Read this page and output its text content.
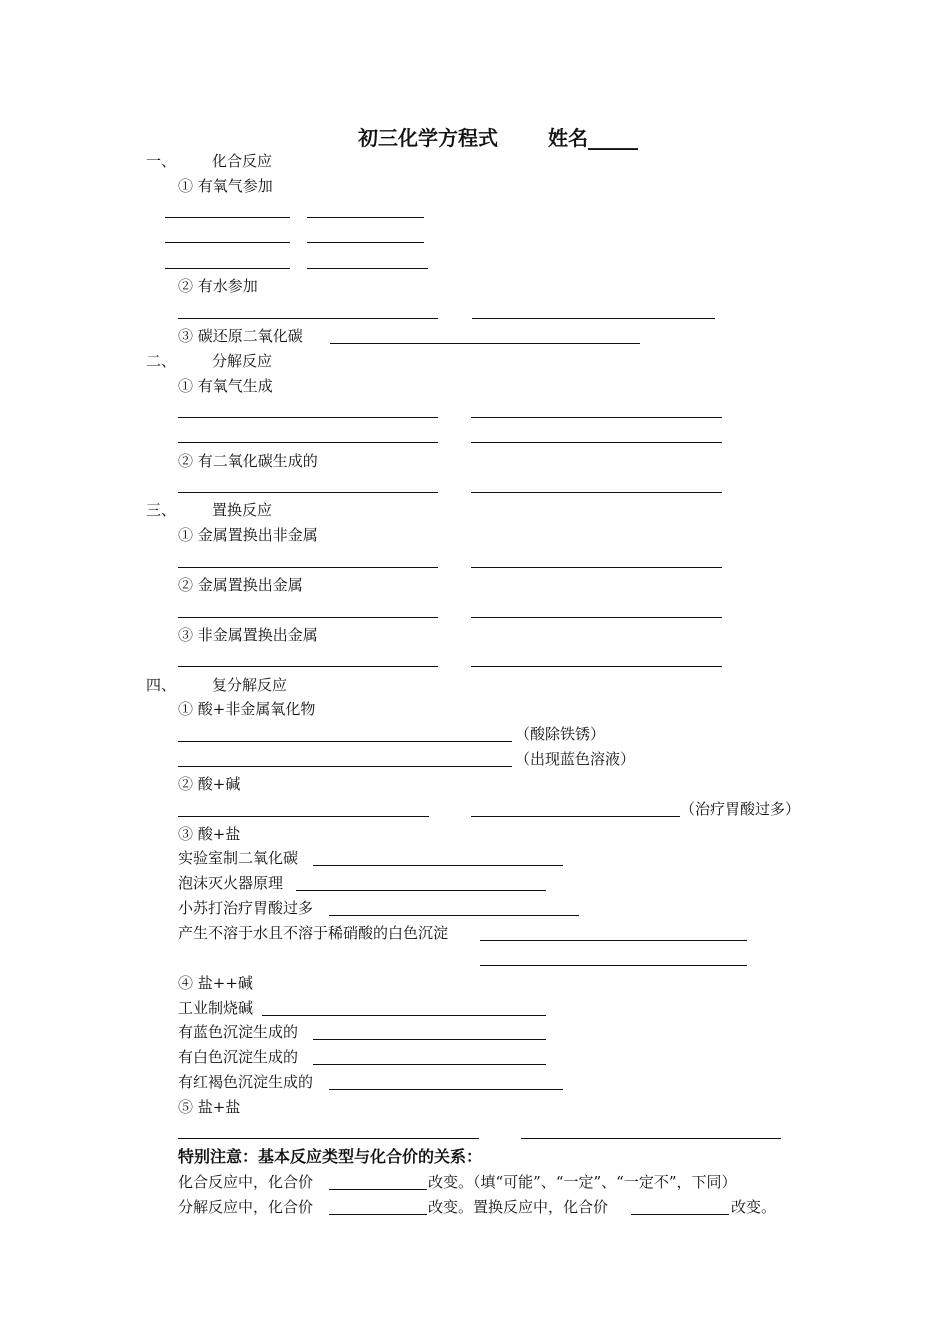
初三化学方程式	姓名_____
一、 化合反应
① 有氧气参加
② 有水参加
③ 碳还原二氧化碳
二、 分解反应
① 有氧气生成
② 有二氧化碳生成的
三、 置换反应
① 金属置换出非金属
② 金属置换出金属
③ 非金属置换出金属
四、 复分解反应
① 酸+非金属氧化物
（酸除铁锈）
（出现蓝色溶液）
② 酸+碱
（治疗胃酸过多）
③ 酸+盐
实验室制二氧化碳
泡沫灭火器原理
小苏打治疗胃酸过多
产生不溶于水且不溶于稀硝酸的白色沉淀
④ 盐++碱
工业制烧碱
有蓝色沉淀生成的
有白色沉淀生成的
有红褐色沉淀生成的
⑤ 盐+盐
特别注意：基本反应类型与化合价的关系：
化合反应中，化合价	改变。（填“可能”、“一定”、“一定不”，下同）
分解反应中，化合价	改变。置换反应中，化合价	改变。
